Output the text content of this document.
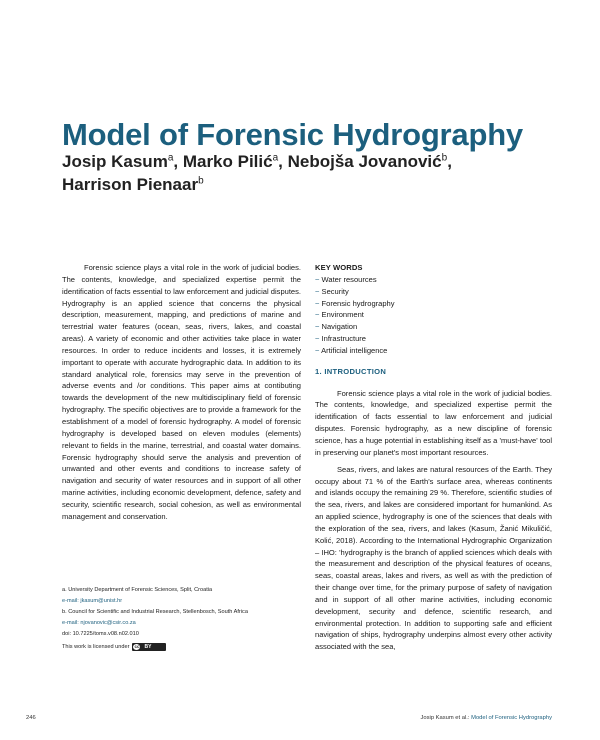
Model of Forensic Hydrography
Josip Kasum$^a$, Marko Pilić$^a$, Nebojša Jovanović$^b$,
Harrison Pienaar$^b$

Forensic science plays a vital role in the work of judicial bodies. The contents, knowledge, and specialized expertise permit the identification of facts essential to law enforcement and judicial disputes. Hydrography is an applied science that concerns the physical description, measurement, mapping, and predictions of marine and terrestrial water features (ocean, seas, rivers, lakes, and coastal areas). A variety of economic and other activities take place in water resources. In order to reduce incidents and losses, it is extremely important to operate with accurate hydrographic data. In addition to its standard analytical role, forensics may serve in the prevention of adverse events and /or conditions. This paper aims at contibuting towards the development of the new multidisciplinary field of forensic hydrography. The specific objectives are to provide a framework for the establishment of a model of forensic hydrography. A model of forensic hydrography is developed based on eleven modules (elements) relevant to fields in the marine, terrestrial, and coastal water domains. Forensic hydrography should serve the analysis and prevention of unwanted and other events and conditions to increase safety of navigation and security of water resources and in support of all other marine activities, including economic development, defence, safety and security, scientific research, social cohesion, as well as environmental management and conservation.

a. University Department of Forensic Sciences, Split, Croatia
e-mail: jkasum@unist.hr
b. Council for Scientific and Industrial Research, Stellenbosch, South Africa
e-mail: njovanovic@csir.co.za
doi: 10.7225/toms.v08.n02.010
This work is licensed under	cc	BY
KEY WORDS
~ Water resources
~ Security
~ Forensic hydrography
~ Environment
~ Navigation
~ Infrastructure
~ Artificial intelligence
1. INTRODUCTION

Forensic science plays a vital role in the work of judicial bodies. The contents, knowledge, and specialized expertise permit the identification of facts essential to law enforcement and judicial disputes. Forensic hydrography, as a new discipline of forensic science, has a huge potential in establishing itself as a 'must-have' tool in preserving our planet's most important resources.

Seas, rivers, and lakes are natural resources of the Earth. They occupy about 71 % of the Earth's surface area, whereas continents and islands occupy the remaining 29 %. Therefore, scientific studies of the sea, rivers, and lakes are considered important for humankind. As an applied science, hydrography is one of the sciences that deals with the exploration of the sea, rivers, and lakes (Kasum, Žanić Mikuličić, Kolić, 2018). According to the International Hydrographic Organization – IHO: 'hydrography is the branch of applied sciences which deals with the measurement and description of the physical features of oceans, seas, coastal areas, lakes and rivers, as well as with the prediction of their change over time, for the primary purpose of safety of navigation and in support of all other marine activities, including economic development, security and defence, scientific research, and environmental protection. In addition to supporting safe and efficient navigation of ships, hydrography underpins almost every other activity associated with the sea,

246	Josip Kasum et al.: Model of Forensic Hydrography
